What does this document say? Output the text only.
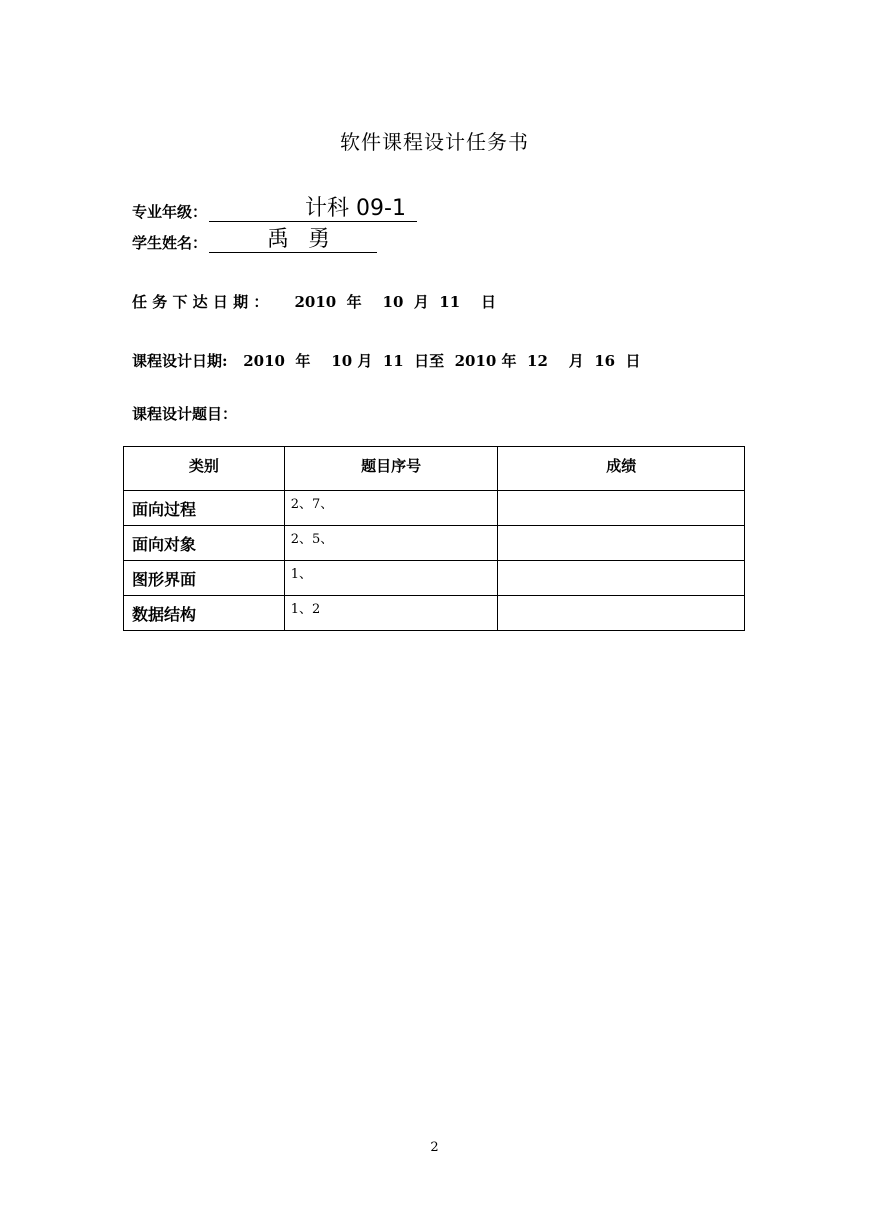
软件课程设计任务书
专业年级：	计科 09-1
学生姓名：	禹 勇
任 务 下 达 日 期 ：     2010  年    10  月  11    日
课程设计日期:   2010  年    10 月  11  日至  2010 年  12    月  16  日
课程设计题目：
类别	题目序号	成绩
面向过程	2、7、	
面向对象	2、5、	
图形界面	1、	
数据结构	1、2	
2
